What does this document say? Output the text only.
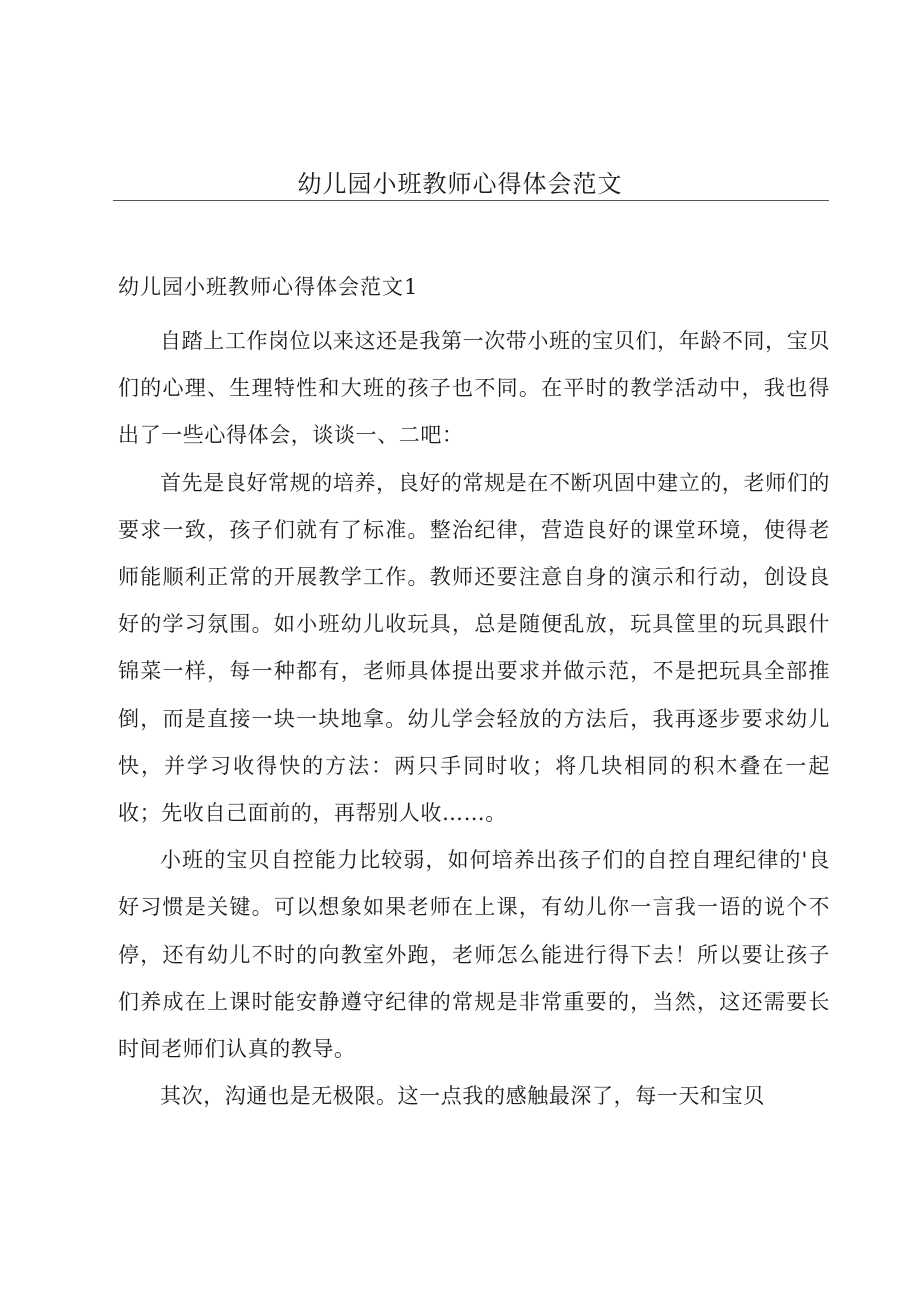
幼儿园小班教师心得体会范文
幼儿园小班教师心得体会范文1

自踏上工作岗位以来这还是我第一次带小班的宝贝们，年龄不同，宝贝们的心理、生理特性和大班的孩子也不同。在平时的教学活动中，我也得出了一些心得体会，谈谈一、二吧：

首先是良好常规的培养，良好的常规是在不断巩固中建立的，老师们的要求一致，孩子们就有了标准。整治纪律，营造良好的课堂环境，使得老师能顺利正常的开展教学工作。教师还要注意自身的演示和行动，创设良好的学习氛围。如小班幼儿收玩具，总是随便乱放，玩具筐里的玩具跟什锦菜一样，每一种都有，老师具体提出要求并做示范，不是把玩具全部推倒，而是直接一块一块地拿。幼儿学会轻放的方法后，我再逐步要求幼儿快，并学习收得快的方法：两只手同时收；将几块相同的积木叠在一起收；先收自己面前的，再帮别人收……。

小班的宝贝自控能力比较弱，如何培养出孩子们的自控自理纪律的'良好习惯是关键。可以想象如果老师在上课，有幼儿你一言我一语的说个不停，还有幼儿不时的向教室外跑，老师怎么能进行得下去！所以要让孩子们养成在上课时能安静遵守纪律的常规是非常重要的，当然，这还需要长时间老师们认真的教导。

其次，沟通也是无极限。这一点我的感触最深了，每一天和宝贝
